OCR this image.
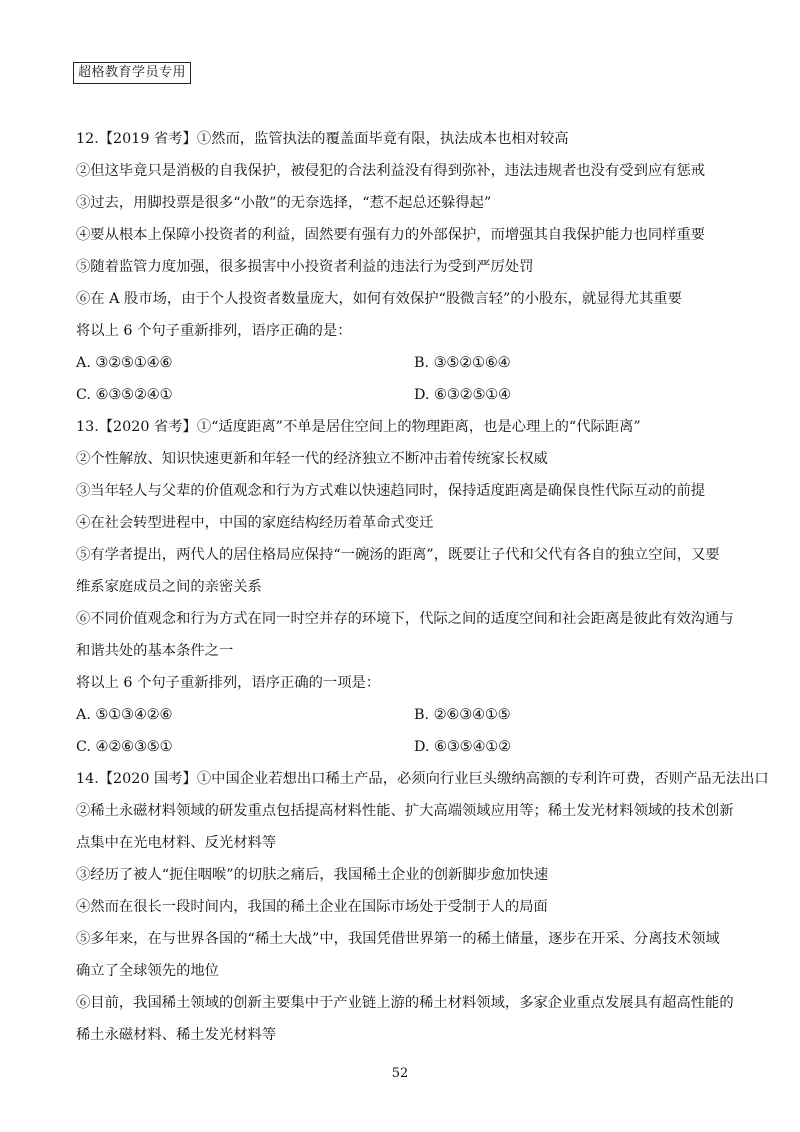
超格教育学员专用
12.【2019 省考】①然而，监管执法的覆盖面毕竟有限，执法成本也相对较高
②但这毕竟只是消极的自我保护，被侵犯的合法利益没有得到弥补，违法违规者也没有受到应有惩戒
③过去，用脚投票是很多“小散”的无奈选择，“惹不起总还躲得起”
④要从根本上保障小投资者的利益，固然要有强有力的外部保护，而增强其自我保护能力也同样重要
⑤随着监管力度加强，很多损害中小投资者利益的违法行为受到严厉处罚
⑥在 A 股市场，由于个人投资者数量庞大，如何有效保护“股微言轻”的小股东，就显得尤其重要
将以上 6 个句子重新排列，语序正确的是：
A. ③②⑤①④⑥	B. ③⑤②①⑥④
C. ⑥③⑤②④①	D. ⑥③②⑤①④
13.【2020 省考】①“适度距离”不单是居住空间上的物理距离，也是心理上的“代际距离”
②个性解放、知识快速更新和年轻一代的经济独立不断冲击着传统家长权威
③当年轻人与父辈的价值观念和行为方式难以快速趋同时，保持适度距离是确保良性代际互动的前提
④在社会转型进程中，中国的家庭结构经历着革命式变迁
⑤有学者提出，两代人的居住格局应保持“一碗汤的距离”，既要让子代和父代有各自的独立空间，又要
维系家庭成员之间的亲密关系
⑥不同价值观念和行为方式在同一时空并存的环境下，代际之间的适度空间和社会距离是彼此有效沟通与
和谐共处的基本条件之一
将以上 6 个句子重新排列，语序正确的一项是：
A. ⑤①③④②⑥	B. ②⑥③④①⑤
C. ④②⑥③⑤①	D. ⑥③⑤④①②
14.【2020 国考】①中国企业若想出口稀土产品，必须向行业巨头缴纳高额的专利许可费，否则产品无法出口
②稀土永磁材料领域的研发重点包括提高材料性能、扩大高端领域应用等；稀土发光材料领域的技术创新
点集中在光电材料、反光材料等
③经历了被人“扼住咽喉”的切肤之痛后，我国稀土企业的创新脚步愈加快速
④然而在很长一段时间内，我国的稀土企业在国际市场处于受制于人的局面
⑤多年来，在与世界各国的“稀土大战”中，我国凭借世界第一的稀土储量，逐步在开采、分离技术领域
确立了全球领先的地位
⑥目前，我国稀土领域的创新主要集中于产业链上游的稀土材料领域，多家企业重点发展具有超高性能的
稀土永磁材料、稀土发光材料等
52
